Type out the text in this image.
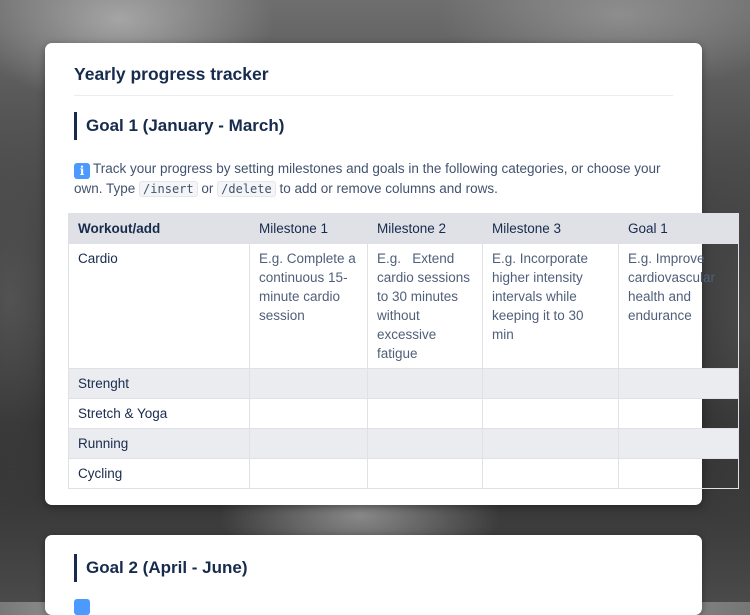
Yearly progress tracker
Goal 1 (January - March)
i Track your progress by setting milestones and goals in the following categories, or choose your own. Type /insert or /delete to add or remove columns and rows.
Workout/add	Milestone 1	Milestone 2	Milestone 3	Goal 1
Cardio	E.g. Complete a continuous 15-minute cardio session	E.g.   Extend cardio sessions to 30 minutes without excessive fatigue	E.g. Incorporate higher intensity intervals while keeping it to 30 min	E.g. Improve cardiovascular health and endurance
Strenght				
Stretch & Yoga				
Running				
Cycling				
Goal 2 (April - June)
